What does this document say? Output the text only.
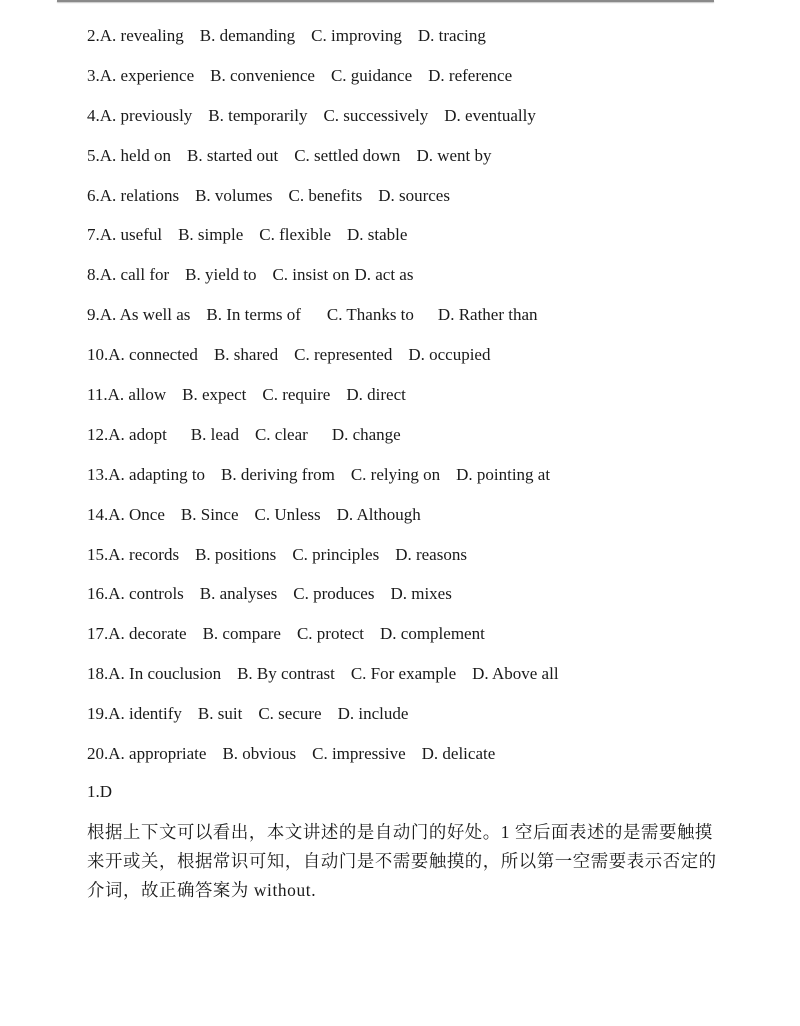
2.A. revealing B. demanding C. improving D. tracing
3.A. experience B. convenience C. guidance D. reference
4.A. previously B. temporarily C. successively D. eventually
5.A. held on B. started out C. settled down D. went by
6.A. relations B. volumes C. benefits D. sources
7.A. useful B. simple C. flexible D. stable
8.A. call for B. yield to C. insist on D. act as
9.A. As well as B. In terms of C. Thanks to D. Rather than
10.A. connected B. shared C. represented D. occupied
11.A. allow B. expect C. require D. direct
12.A. adopt B. lead C. clear D. change
13.A. adapting to B. deriving from C. relying on D. pointing at
14.A. Once B. Since C. Unless D. Although
15.A. records B. positions C. principles D. reasons
16.A. controls B. analyses C. produces D. mixes
17.A. decorate B. compare C. protect D. complement
18.A. In couclusion B. By contrast C. For example D. Above all
19.A. identify B. suit C. secure D. include
20.A. appropriate B. obvious C. impressive D. delicate
1.D
根据上下文可以看出，本文讲述的是自动门的好处。1 空后面表述的是需要触摸来开或关，根据常识可知，自动门是不需要触摸的，所以第一空需要表示否定的介词，故正确答案为 without.
